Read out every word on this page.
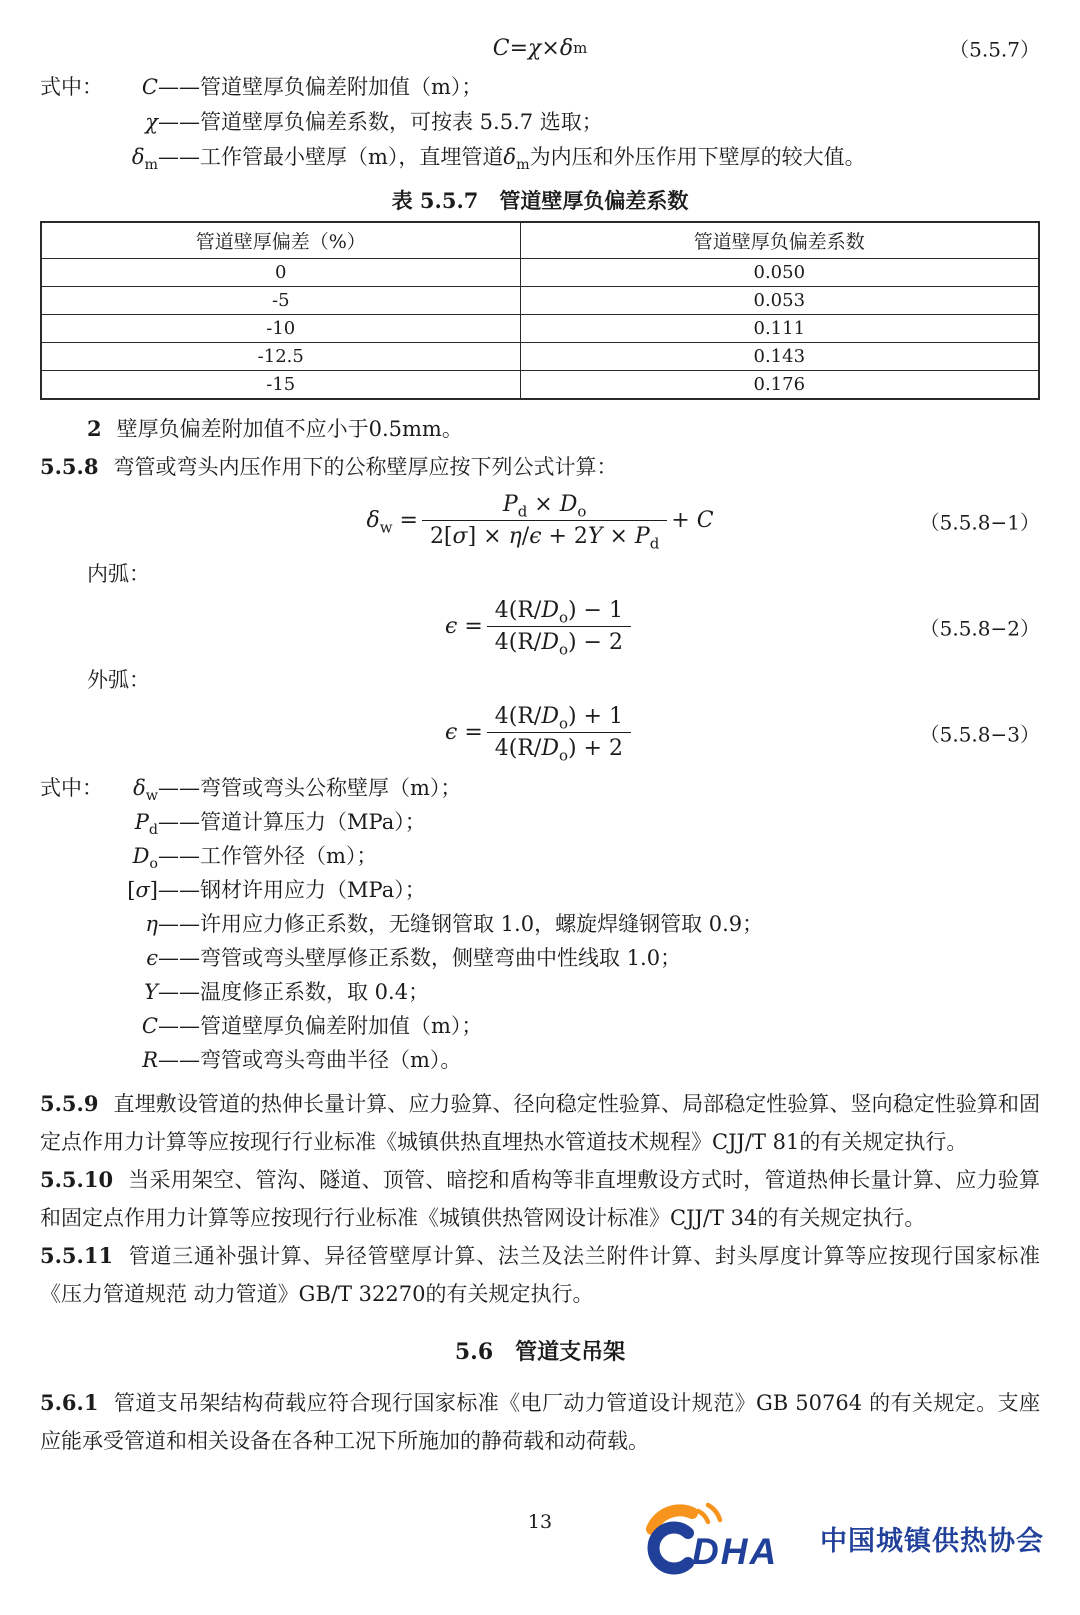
C = χ × δ m	（5.5.7）
式中：	C —— 管道壁厚负偏差附加值（m）；
χ —— 管道壁厚负偏差系数，可按表 5.5.7 选取；
$\delta_m$ —— 工作管最小壁厚（m），直埋管道$\delta_m$为内压和外压作用下壁厚的较大值。
表 5.5.7　管道壁厚负偏差系数
管道壁厚偏差（%）	管道壁厚负偏差系数
0	0.050
-5	0.053
-10	0.111
-12.5	0.143
-15	0.176

2 壁厚负偏差附加值不应小于0.5mm。

5.5.8 弯管或弯头内压作用下的公称壁厚应按下列公式计算：

$\delta_w = \frac{P_d \times D_o}{2[\sigma] \times \eta/\epsilon + 2Y \times P_d} + C$	（5.5.8−1）
内弧：
$\epsilon = \frac{4(R/D_o) - 1}{4(R/D_o) - 2}$	（5.5.8−2）
外弧：
$\epsilon = \frac{4(R/D_o) + 1}{4(R/D_o) + 2}$	（5.5.8−3）
式中：	$\delta_w$ —— 弯管或弯头公称壁厚（m）；
$P_d$ —— 管道计算压力（MPa）；
$D_o$ —— 工作管外径（m）；
[σ] —— 钢材许用应力（MPa）；
η —— 许用应力修正系数，无缝钢管取 1.0，螺旋焊缝钢管取 0.9；
ϵ —— 弯管或弯头壁厚修正系数，侧壁弯曲中性线取 1.0；
Y —— 温度修正系数，取 0.4；
C —— 管道壁厚负偏差附加值（m）；
R —— 弯管或弯头弯曲半径（m）。

5.5.9 直埋敷设管道的热伸长量计算、应力验算、径向稳定性验算、局部稳定性验算、竖向稳定性验算和固定点作用力计算等应按现行行业标准《城镇供热直埋热水管道技术规程》CJJ/T 81的有关规定执行。

5.5.10 当采用架空、管沟、隧道、顶管、暗挖和盾构等非直埋敷设方式时，管道热伸长量计算、应力验算和固定点作用力计算等应按现行行业标准《城镇供热管网设计标准》CJJ/T 34的有关规定执行。

5.5.11 管道三通补强计算、异径管壁厚计算、法兰及法兰附件计算、封头厚度计算等应按现行国家标准《压力管道规范 动力管道》GB/T 32270的有关规定执行。

5.6　管道支吊架

5.6.1 管道支吊架结构荷载应符合现行国家标准《电厂动力管道设计规范》GB 50764 的有关规定。支座应能承受管道和相关设备在各种工况下所施加的静荷载和动荷载。

13
DHA 中国城镇供热协会
